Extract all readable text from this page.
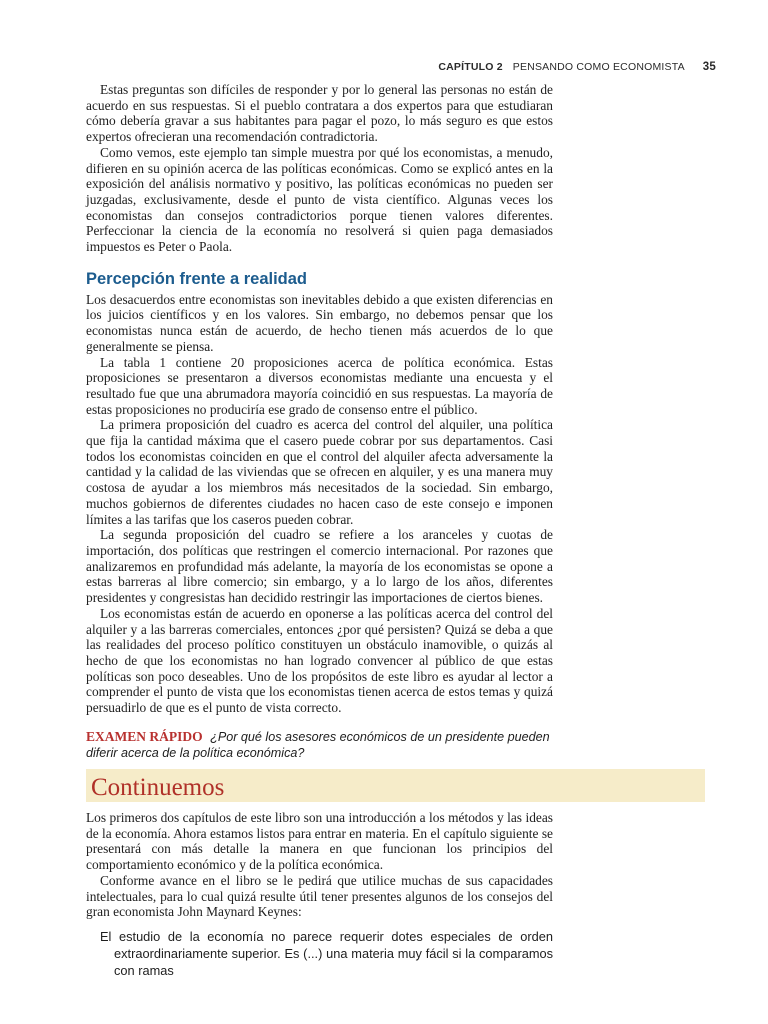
CAPÍTULO 2 PENSANDO COMO ECONOMISTA 35

Estas preguntas son difíciles de responder y por lo general las personas no están de acuerdo en sus respuestas. Si el pueblo contratara a dos expertos para que estudiaran cómo debería gravar a sus habitantes para pagar el pozo, lo más seguro es que estos expertos ofrecieran una recomendación contradictoria.

Como vemos, este ejemplo tan simple muestra por qué los economistas, a menudo, difieren en su opinión acerca de las políticas económicas. Como se explicó antes en la exposición del análisis normativo y positivo, las políticas económicas no pueden ser juzgadas, exclusivamente, desde el punto de vista científico. Algunas veces los economistas dan consejos contradictorios porque tienen valores diferentes. Perfeccionar la ciencia de la economía no resolverá si quien paga demasiados impuestos es Peter o Paola.

Percepción frente a realidad

Los desacuerdos entre economistas son inevitables debido a que existen diferencias en los juicios científicos y en los valores. Sin embargo, no debemos pensar que los economistas nunca están de acuerdo, de hecho tienen más acuerdos de lo que generalmente se piensa.

La tabla 1 contiene 20 proposiciones acerca de política económica. Estas proposiciones se presentaron a diversos economistas mediante una encuesta y el resultado fue que una abrumadora mayoría coincidió en sus respuestas. La mayoría de estas proposiciones no produciría ese grado de consenso entre el público.

La primera proposición del cuadro es acerca del control del alquiler, una política que fija la cantidad máxima que el casero puede cobrar por sus departamentos. Casi todos los economistas coinciden en que el control del alquiler afecta adversamente la cantidad y la calidad de las viviendas que se ofrecen en alquiler, y es una manera muy costosa de ayudar a los miembros más necesitados de la sociedad. Sin embargo, muchos gobiernos de diferentes ciudades no hacen caso de este consejo e imponen límites a las tarifas que los caseros pueden cobrar.

La segunda proposición del cuadro se refiere a los aranceles y cuotas de importación, dos políticas que restringen el comercio internacional. Por razones que analizaremos en profundidad más adelante, la mayoría de los economistas se opone a estas barreras al libre comercio; sin embargo, y a lo largo de los años, diferentes presidentes y congresistas han decidido restringir las importaciones de ciertos bienes.

Los economistas están de acuerdo en oponerse a las políticas acerca del control del alquiler y a las barreras comerciales, entonces ¿por qué persisten? Quizá se deba a que las realidades del proceso político constituyen un obstáculo inamovible, o quizás al hecho de que los economistas no han logrado convencer al público de que estas políticas son poco deseables. Uno de los propósitos de este libro es ayudar al lector a comprender el punto de vista que los economistas tienen acerca de estos temas y quizá persuadirlo de que es el punto de vista correcto.

EXAMEN RÁPIDO ¿Por qué los asesores económicos de un presidente pueden diferir acerca de la política económica?
Continuemos

Los primeros dos capítulos de este libro son una introducción a los métodos y las ideas de la economía. Ahora estamos listos para entrar en materia. En el capítulo siguiente se presentará con más detalle la manera en que funcionan los principios del comportamiento económico y de la política económica.

Conforme avance en el libro se le pedirá que utilice muchas de sus capacidades intelectuales, para lo cual quizá resulte útil tener presentes algunos de los consejos del gran economista John Maynard Keynes:

El estudio de la economía no parece requerir dotes especiales de orden extraordinariamente superior. Es (...) una materia muy fácil si la comparamos con ramas
